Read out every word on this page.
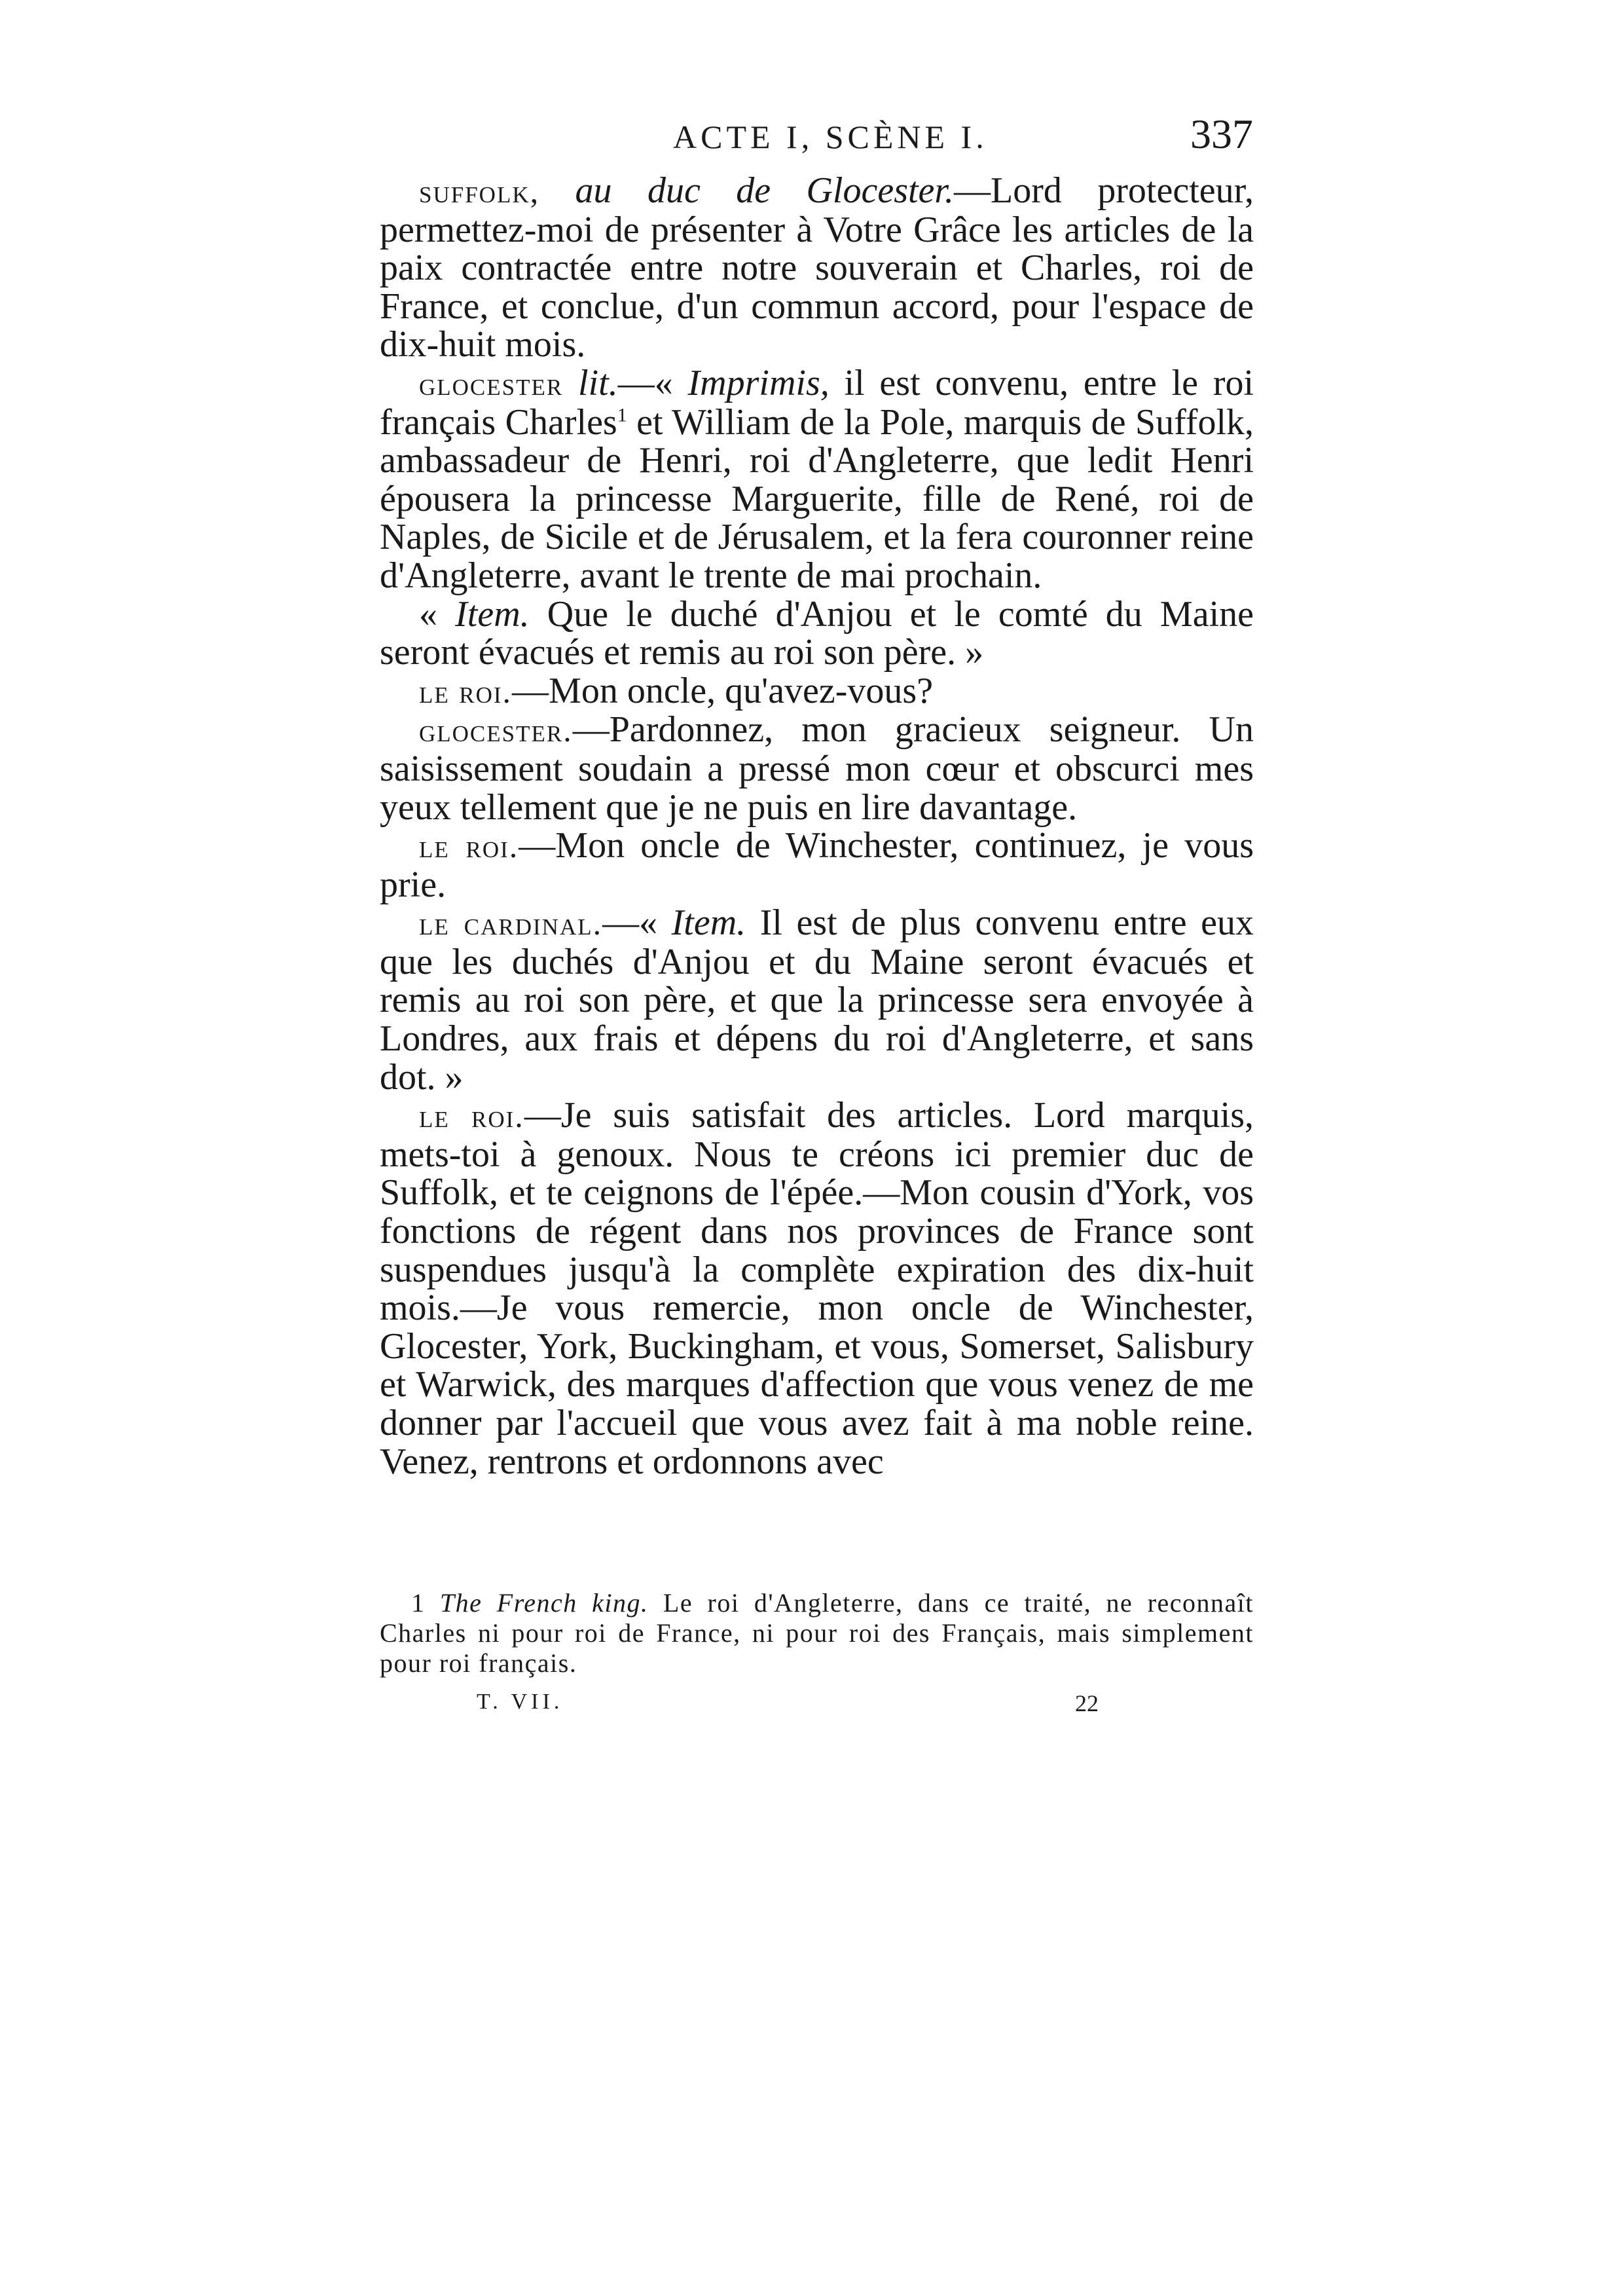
ACTE I, SCÈNE I.	337

suffolk, au duc de Glocester.—Lord protecteur, permettez-moi de présenter à Votre Grâce les articles de la paix contractée entre notre souverain et Charles, roi de France, et conclue, d'un commun accord, pour l'espace de dix-huit mois.

glocester lit.—« Imprimis, il est convenu, entre le roi français Charles$^1$ et William de la Pole, marquis de Suffolk, ambassadeur de Henri, roi d'Angleterre, que ledit Henri épousera la princesse Marguerite, fille de René, roi de Naples, de Sicile et de Jérusalem, et la fera couronner reine d'Angleterre, avant le trente de mai prochain.

« Item. Que le duché d'Anjou et le comté du Maine seront évacués et remis au roi son père. »

le roi.—Mon oncle, qu'avez-vous?

glocester.—Pardonnez, mon gracieux seigneur. Un saisissement soudain a pressé mon cœur et obscurci mes yeux tellement que je ne puis en lire davantage.

le roi.—Mon oncle de Winchester, continuez, je vous prie.

le cardinal.—« Item. Il est de plus convenu entre eux que les duchés d'Anjou et du Maine seront évacués et remis au roi son père, et que la princesse sera envoyée à Londres, aux frais et dépens du roi d'Angleterre, et sans dot. »

le roi.—Je suis satisfait des articles. Lord marquis, mets-toi à genoux. Nous te créons ici premier duc de Suffolk, et te ceignons de l'épée.—Mon cousin d'York, vos fonctions de régent dans nos provinces de France sont suspendues jusqu'à la complète expiration des dix-huit mois.—Je vous remercie, mon oncle de Winchester, Glocester, York, Buckingham, et vous, Somerset, Salisbury et Warwick, des marques d'affection que vous venez de me donner par l'accueil que vous avez fait à ma noble reine. Venez, rentrons et ordonnons avec

1 The French king. Le roi d'Angleterre, dans ce traité, ne reconnaît Charles ni pour roi de France, ni pour roi des Français, mais simplement pour roi français.

T. VII.	22
